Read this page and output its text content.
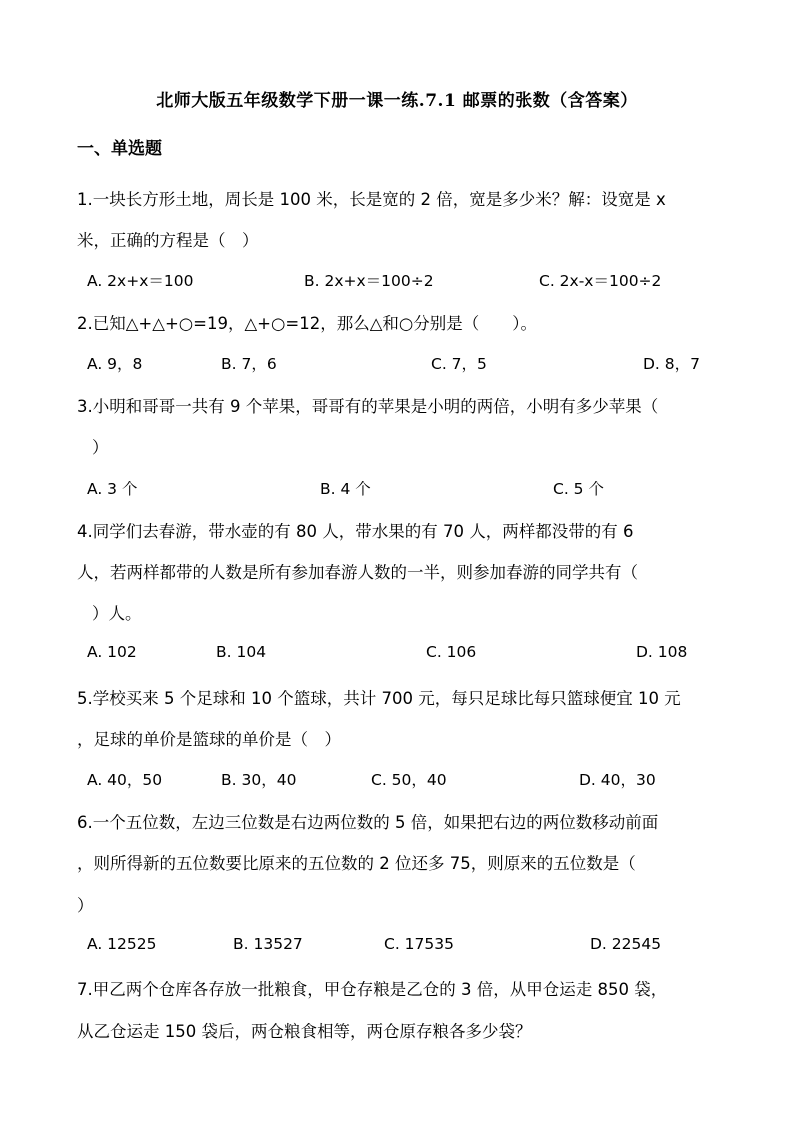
北师大版五年级数学下册一课一练.7.1 邮票的张数（含答案）
一、单选题
1.一块长方形土地，周长是 100 米，长是宽的 2 倍，宽是多少米？解：设宽是 x
米，正确的方程是（　）
A. 2x+x＝100	B. 2x+x＝100÷2	C. 2x-x＝100÷2
2.已知△+△+○=19，△+○=12，那么△和○分别是（　　）。
A. 9，8	B. 7，6	C. 7，5	D. 8，7
3.小明和哥哥一共有 9 个苹果，哥哥有的苹果是小明的两倍，小明有多少苹果（
）
A. 3 个	B. 4 个	C. 5 个
4.同学们去春游，带水壶的有 80 人，带水果的有 70 人，两样都没带的有 6
人，若两样都带的人数是所有参加春游人数的一半，则参加春游的同学共有（
）人。
A. 102	B. 104	C. 106	D. 108
5.学校买来 5 个足球和 10 个篮球，共计 700 元，每只足球比每只篮球便宜 10 元
，足球的单价是篮球的单价是（　）
A. 40，50	B. 30，40	C. 50，40	D. 40，30
6.一个五位数，左边三位数是右边两位数的 5 倍，如果把右边的两位数移动前面
，则所得新的五位数要比原来的五位数的 2 位还多 75，则原来的五位数是（
）
A. 12525	B. 13527	C. 17535	D. 22545
7.甲乙两个仓库各存放一批粮食，甲仓存粮是乙仓的 3 倍，从甲仓运走 850 袋，
从乙仓运走 150 袋后，两仓粮食相等，两仓原存粮各多少袋？
